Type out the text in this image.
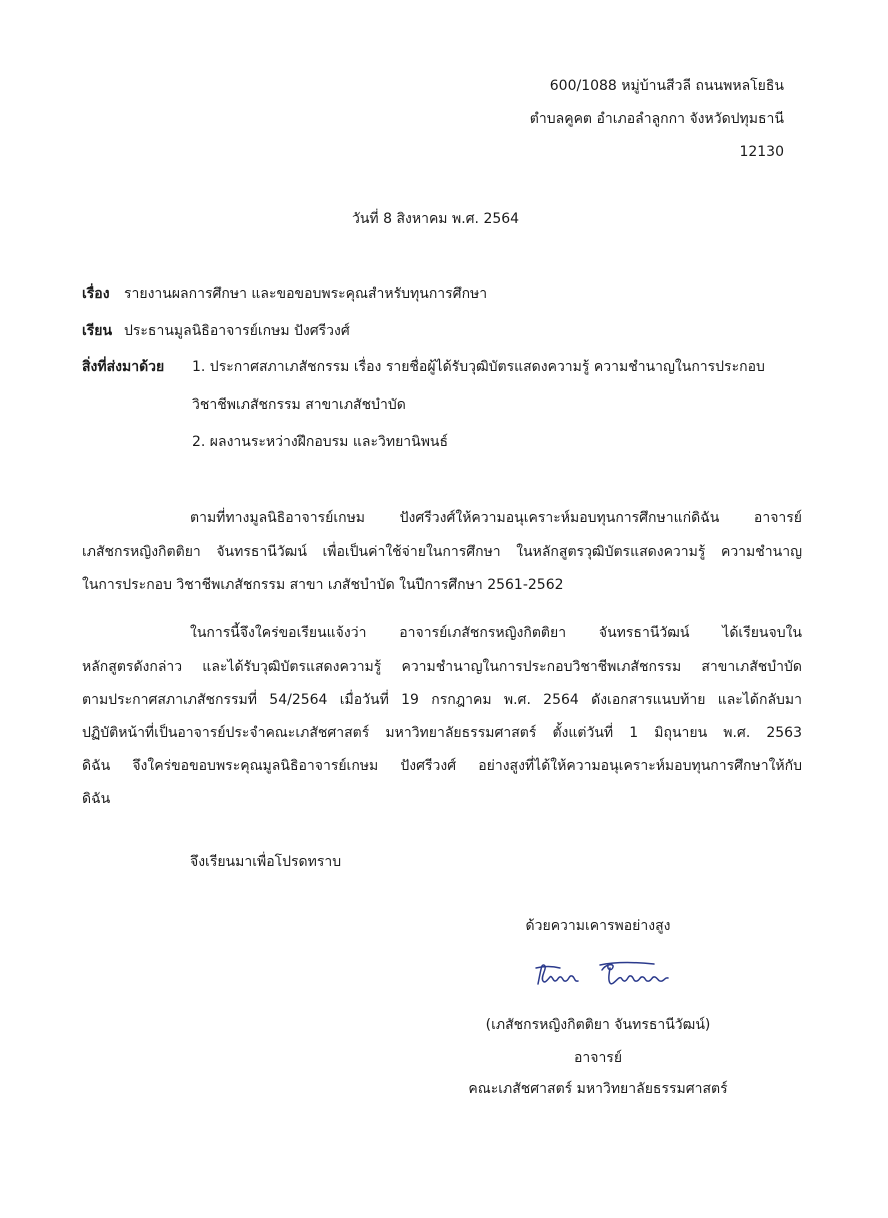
600/1088 หมู่บ้านสีวลี ถนนพหลโยธิน
ตำบลคูคต อำเภอลำลูกกา จังหวัดปทุมธานี
12130
วันที่ 8 สิงหาคม พ.ศ. 2564
เรื่อง รายงานผลการศึกษา และขอขอบพระคุณสำหรับทุนการศึกษา
เรียน ประธานมูลนิธิอาจารย์เกษม ปังศรีวงศ์
สิ่งที่ส่งมาด้วย 1. ประกาศสภาเภสัชกรรม เรื่อง รายชื่อผู้ได้รับวุฒิบัตรแสดงความรู้ ความชำนาญในการประกอบ
วิชาชีพเภสัชกรรม สาขาเภสัชบำบัด
2. ผลงานระหว่างฝึกอบรม และวิทยานิพนธ์
ตามที่ทางมูลนิธิอาจารย์เกษม ปังศรีวงศ์ให้ความอนุเคราะห์มอบทุนการศึกษาแก่ดิฉัน อาจารย์
เภสัชกรหญิงกิตติยา จันทรธานีวัฒน์ เพื่อเป็นค่าใช้จ่ายในการศึกษา ในหลักสูตรวุฒิบัตรแสดงความรู้ ความชำนาญ
ในการประกอบ วิชาชีพเภสัชกรรม สาขา เภสัชบำบัด ในปีการศึกษา 2561-2562
ในการนี้จึงใคร่ขอเรียนแจ้งว่า อาจารย์เภสัชกรหญิงกิตติยา จันทรธานีวัฒน์ ได้เรียนจบใน
หลักสูตรดังกล่าว และได้รับวุฒิบัตรแสดงความรู้ ความชำนาญในการประกอบวิชาชีพเภสัชกรรม สาขาเภสัชบำบัด
ตามประกาศสภาเภสัชกรรมที่ 54/2564 เมื่อวันที่ 19 กรกฎาคม พ.ศ. 2564 ดังเอกสารแนบท้าย และได้กลับมา
ปฏิบัติหน้าที่เป็นอาจารย์ประจำคณะเภสัชศาสตร์ มหาวิทยาลัยธรรมศาสตร์ ตั้งแต่วันที่ 1 มิถุนายน พ.ศ. 2563
ดิฉัน จึงใคร่ขอขอบพระคุณมูลนิธิอาจารย์เกษม ปังศรีวงศ์ อย่างสูงที่ได้ให้ความอนุเคราะห์มอบทุนการศึกษาให้กับ
ดิฉัน
จึงเรียนมาเพื่อโปรดทราบ
ด้วยความเคารพอย่างสูง
(เภสัชกรหญิงกิตติยา จันทรธานีวัฒน์)
อาจารย์
คณะเภสัชศาสตร์ มหาวิทยาลัยธรรมศาสตร์
